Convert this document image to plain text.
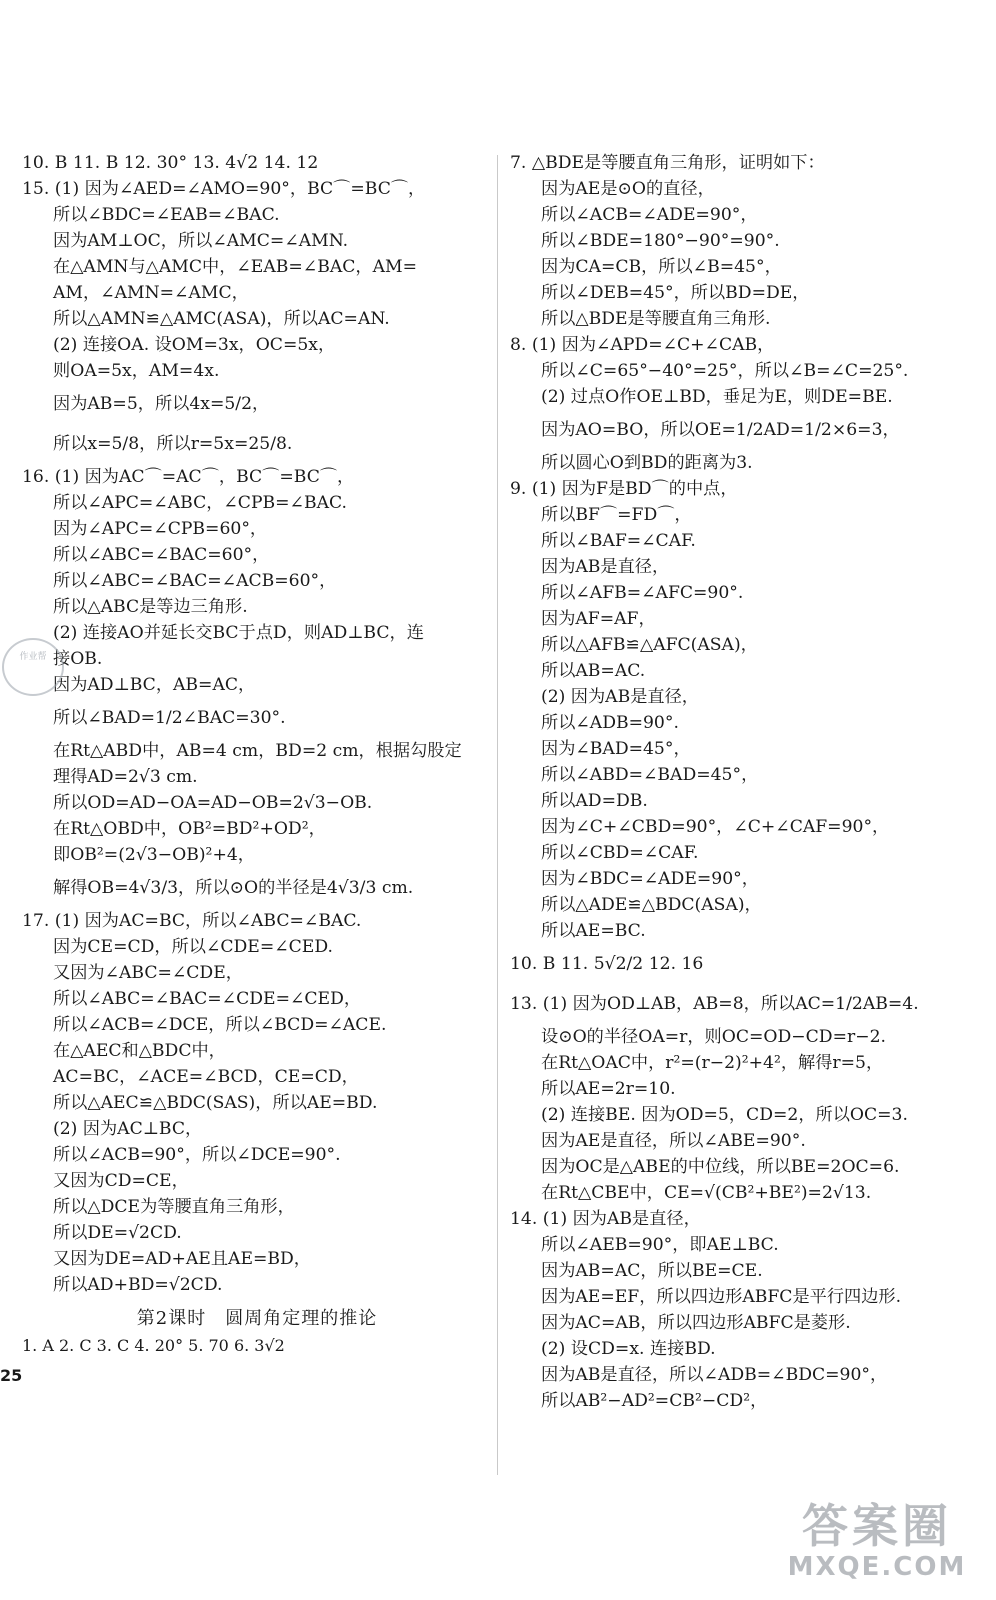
10. B 11. B 12. 30° 13. 4√2 14. 12
15. (1) 因为∠AED=∠AMO=90°，BC⌒=BC⌒，
所以∠BDC=∠EAB=∠BAC.
因为AM⊥OC，所以∠AMC=∠AMN.
在△AMN与△AMC中，∠EAB=∠BAC，AM=
AM，∠AMN=∠AMC，
所以△AMN≌△AMC(ASA)，所以AC=AN.
(2) 连接OA. 设OM=3x，OC=5x，
则OA=5x，AM=4x.
因为AB=5，所以4x=5/2，
所以x=5/8，所以r=5x=25/8.
16. (1) 因为AC⌒=AC⌒，BC⌒=BC⌒，
所以∠APC=∠ABC，∠CPB=∠BAC.
因为∠APC=∠CPB=60°，
所以∠ABC=∠BAC=60°，
所以∠ABC=∠BAC=∠ACB=60°，
所以△ABC是等边三角形.
(2) 连接AO并延长交BC于点D，则AD⊥BC，连
接OB.
因为AD⊥BC，AB=AC，
所以∠BAD=1/2∠BAC=30°.
在Rt△ABD中，AB=4 cm，BD=2 cm，根据勾股定
理得AD=2√3 cm.
所以OD=AD−OA=AD−OB=2√3−OB.
在Rt△OBD中，OB²=BD²+OD²，
即OB²=(2√3−OB)²+4，
解得OB=4√3/3，所以⊙O的半径是4√3/3 cm.
17. (1) 因为AC=BC，所以∠ABC=∠BAC.
因为CE=CD，所以∠CDE=∠CED.
又因为∠ABC=∠CDE，
所以∠ABC=∠BAC=∠CDE=∠CED，
所以∠ACB=∠DCE，所以∠BCD=∠ACE.
在△AEC和△BDC中，
AC=BC，∠ACE=∠BCD，CE=CD，
所以△AEC≌△BDC(SAS)，所以AE=BD.
(2) 因为AC⊥BC，
所以∠ACB=90°，所以∠DCE=90°.
又因为CD=CE，
所以△DCE为等腰直角三角形，
所以DE=√2CD.
又因为DE=AD+AE且AE=BD，
所以AD+BD=√2CD.
7. △BDE是等腰直角三角形，证明如下：
因为AE是⊙O的直径，
所以∠ACB=∠ADE=90°，
所以∠BDE=180°−90°=90°.
因为CA=CB，所以∠B=45°，
所以∠DEB=45°，所以BD=DE，
所以△BDE是等腰直角三角形.
8. (1) 因为∠APD=∠C+∠CAB，
所以∠C=65°−40°=25°，所以∠B=∠C=25°.
(2) 过点O作OE⊥BD，垂足为E，则DE=BE.
因为AO=BO，所以OE=1/2AD=1/2×6=3，
所以圆心O到BD的距离为3.
9. (1) 因为F是BD⌒的中点，
所以BF⌒=FD⌒，
所以∠BAF=∠CAF.
因为AB是直径，
所以∠AFB=∠AFC=90°.
因为AF=AF，
所以△AFB≌△AFC(ASA)，
所以AB=AC.
(2) 因为AB是直径，
所以∠ADB=90°.
因为∠BAD=45°，
所以∠ABD=∠BAD=45°，
所以AD=DB.
因为∠C+∠CBD=90°，∠C+∠CAF=90°，
所以∠CBD=∠CAF.
因为∠BDC=∠ADE=90°，
所以△ADE≌△BDC(ASA)，
所以AE=BC.
10. B 11. 5√2/2 12. 16
13. (1) 因为OD⊥AB，AB=8，所以AC=1/2AB=4.
设⊙O的半径OA=r，则OC=OD−CD=r−2.
在Rt△OAC中，r²=(r−2)²+4²，解得r=5，
所以AE=2r=10.
(2) 连接BE. 因为OD=5，CD=2，所以OC=3.
因为AE是直径，所以∠ABE=90°.
因为OC是△ABE的中位线，所以BE=2OC=6.
在Rt△CBE中，CE=√(CB²+BE²)=2√13.
14. (1) 因为AB是直径，
所以∠AEB=90°，即AE⊥BC.
因为AB=AC，所以BE=CE.
因为AE=EF，所以四边形ABFC是平行四边形.
因为AC=AB，所以四边形ABFC是菱形.
(2) 设CD=x. 连接BD.
因为AB是直径，所以∠ADB=∠BDC=90°，
所以AB²−AD²=CB²−CD²，
第2课时　圆周角定理的推论
1. A 2. C 3. C 4. 20° 5. 70 6. 3√2
25
作业帮
答案圈
MXQE.COM
